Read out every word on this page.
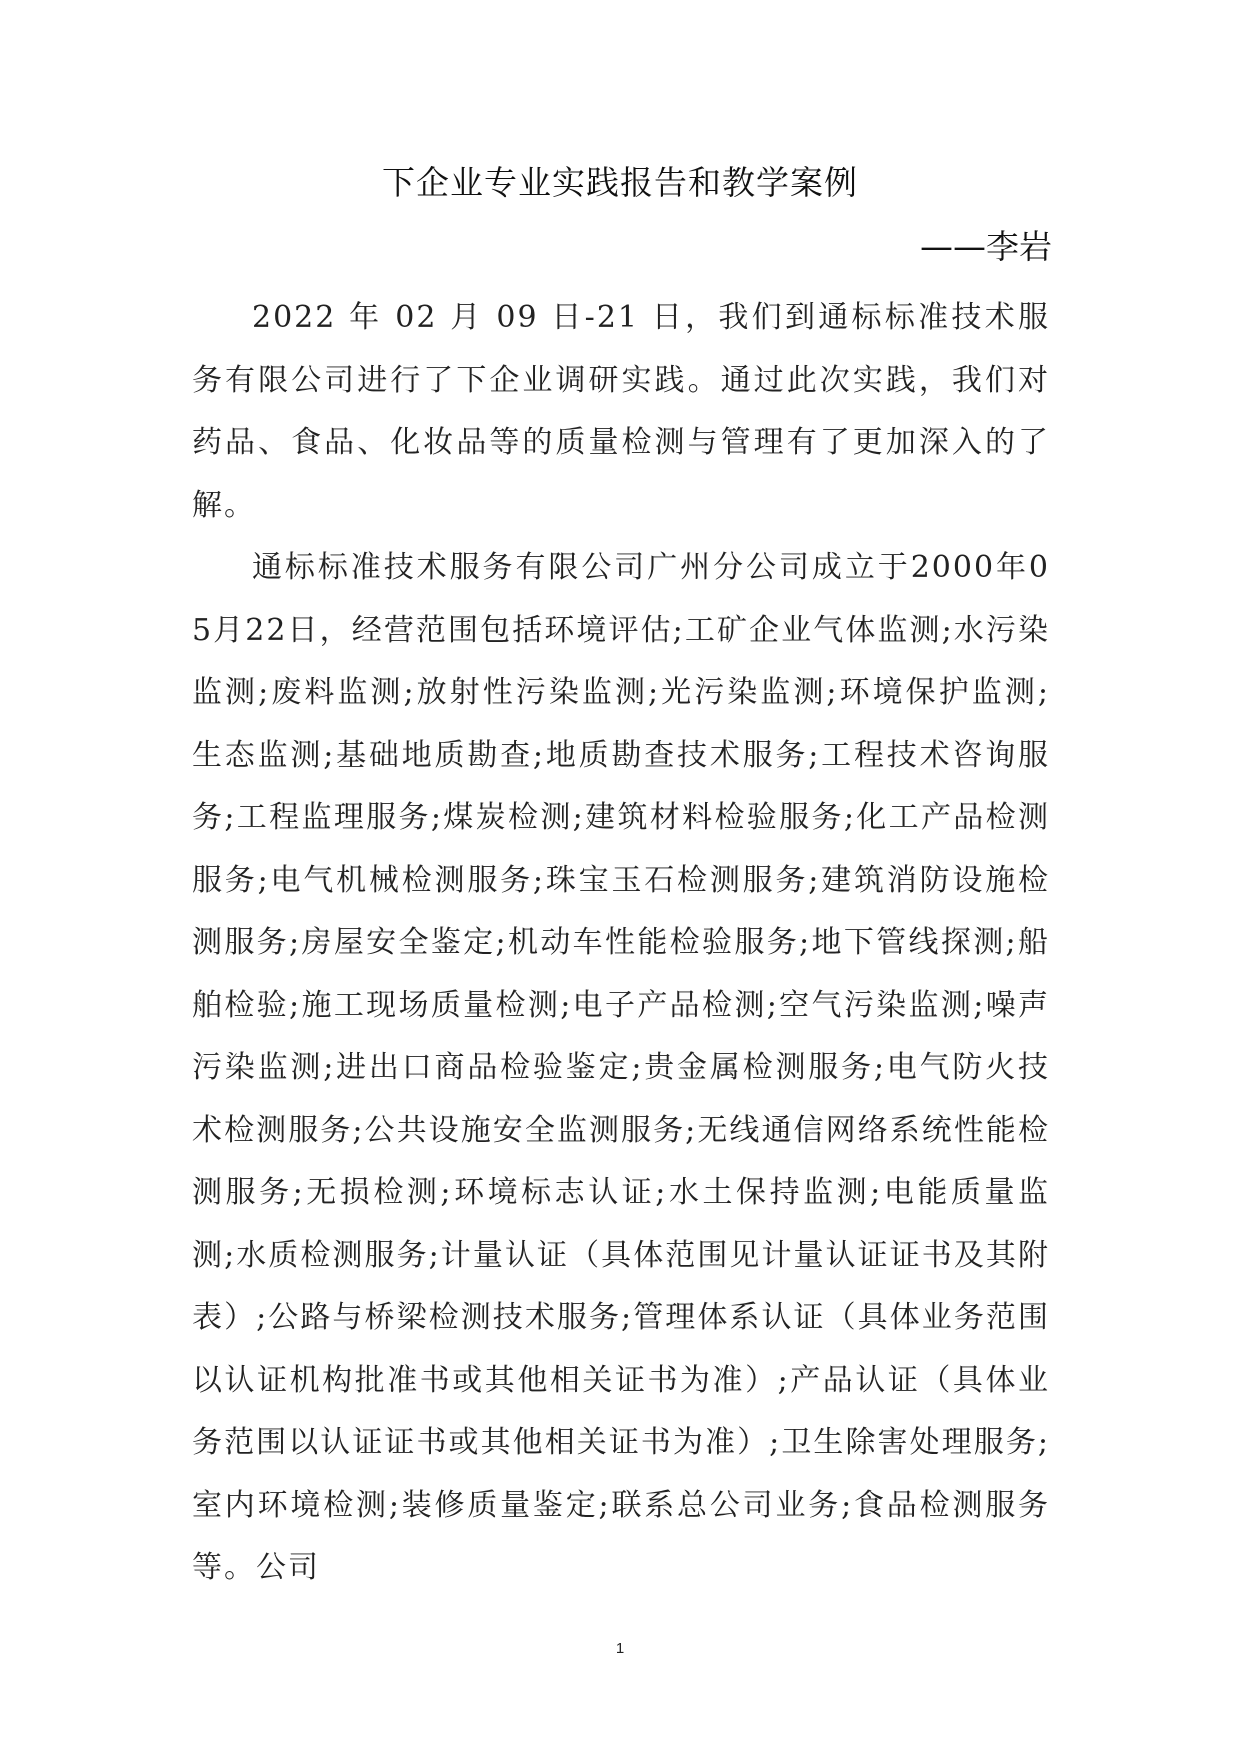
下企业专业实践报告和教学案例
——李岩

2022 年 02 月 09 日-21 日，我们到通标标准技术服务有限公司进行了下企业调研实践。通过此次实践，我们对药品、食品、化妆品等的质量检测与管理有了更加深入的了解。

通标标准技术服务有限公司广州分公司成立于2000年05月22日，经营范围包括环境评估;工矿企业气体监测;水污染监测;废料监测;放射性污染监测;光污染监测;环境保护监测;生态监测;基础地质勘查;地质勘查技术服务;工程技术咨询服务;工程监理服务;煤炭检测;建筑材料检验服务;化工产品检测服务;电气机械检测服务;珠宝玉石检测服务;建筑消防设施检测服务;房屋安全鉴定;机动车性能检验服务;地下管线探测;船舶检验;施工现场质量检测;电子产品检测;空气污染监测;噪声污染监测;进出口商品检验鉴定;贵金属检测服务;电气防火技术检测服务;公共设施安全监测服务;无线通信网络系统性能检测服务;无损检测;环境标志认证;水土保持监测;电能质量监测;水质检测服务;计量认证（具体范围见计量认证证书及其附表）;公路与桥梁检测技术服务;管理体系认证（具体业务范围以认证机构批准书或其他相关证书为准）;产品认证（具体业务范围以认证证书或其他相关证书为准）;卫生除害处理服务;室内环境检测;装修质量鉴定;联系总公司业务;食品检测服务等。公司

1
